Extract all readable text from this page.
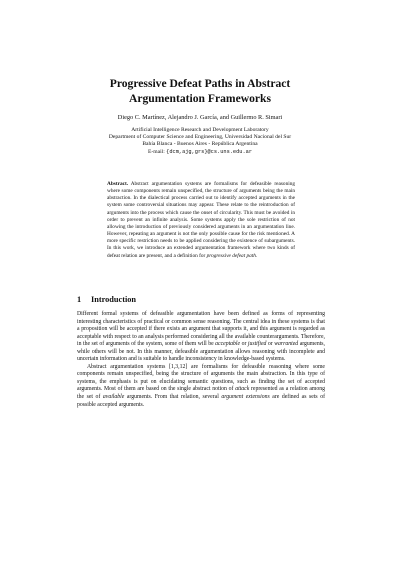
Progressive Defeat Paths in Abstract
Argumentation Frameworks
Diego C. Martínez, Alejandro J. García, and Guillermo R. Simari
Artificial Intelligence Research and Development Laboratory
Department of Computer Science and Engineering, Universidad Nacional del Sur
Bahía Blanca - Buenos Aires - República Argentina
E-mail: {dcm,ajg,grs}@cs.uns.edu.ar
Abstract. Abstract argumentation systems are formalisms for defeasible reasoning where some components remain unspecified, the structure of arguments being the main abstraction. In the dialectical process carried out to identify accepted arguments in the system some controversial situations may appear. These relate to the reintroduction of arguments into the process which cause the onset of circularity. This must be avoided in order to prevent an infinite analysis. Some systems apply the sole restriction of not allowing the introduction of previously considered arguments in an argumentation line. However, repeating an argument is not the only possible cause for the risk mentioned. A more specific restriction needs to be applied considering the existence of subarguments. In this work, we introduce an extended argumentation framework where two kinds of defeat relation are present, and a definition for progressive defeat path.
1 Introduction

Different formal systems of defeasible argumentation have been defined as forms of representing interesting characteristics of practical or common sense reasoning. The central idea in these systems is that a proposition will be accepted if there exists an argument that supports it, and this argument is regarded as acceptable with respect to an analysis performed considering all the available counterarguments. Therefore, in the set of arguments of the system, some of them will be acceptable or justified or warranted arguments, while others will be not. In this manner, defeasible argumentation allows reasoning with incomplete and uncertain information and is suitable to handle inconsistency in knowledge-based systems.

Abstract argumentation systems [1,3,12] are formalisms for defeasible reasoning where some components remain unspecified, being the structure of arguments the main abstraction. In this type of systems, the emphasis is put on elucidating semantic questions, such as finding the set of accepted arguments. Most of them are based on the single abstract notion of attack represented as a relation among the set of available arguments. From that relation, several argument extensions are defined as sets of possible accepted arguments.
